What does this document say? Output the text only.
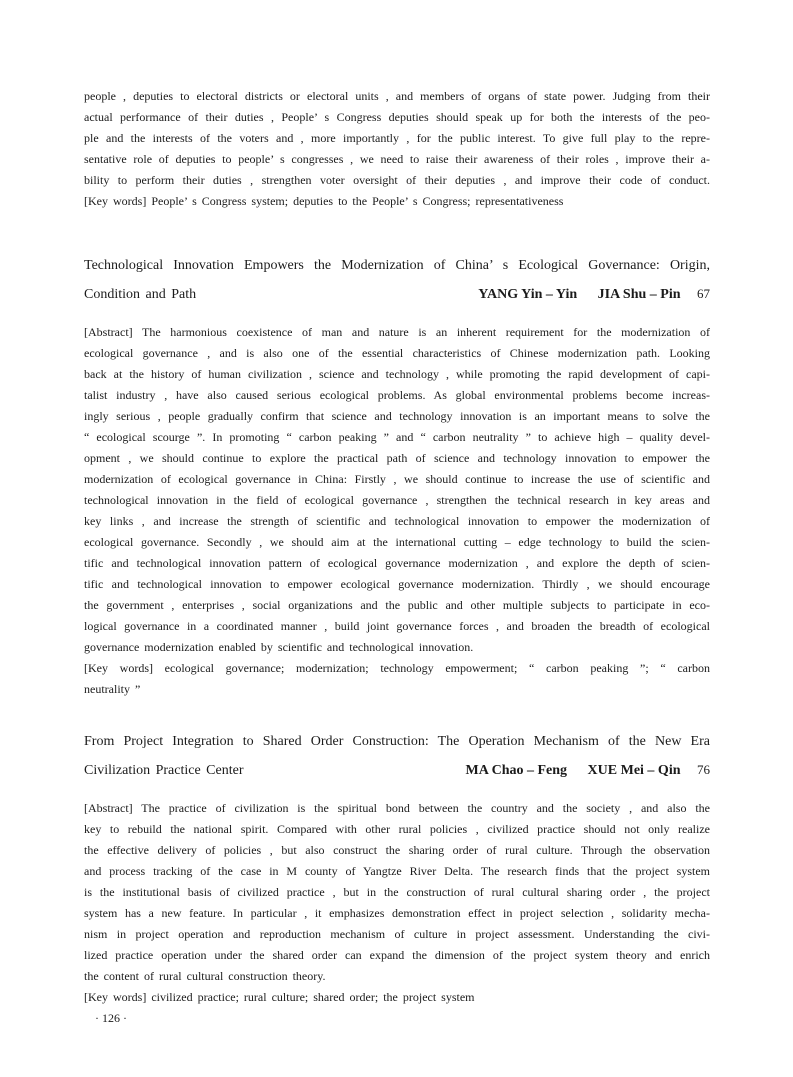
people , deputies to electoral districts or electoral units , and members of organs of state power. Judging from their
actual performance of their duties , People’ s Congress deputies should speak up for both the interests of the peo-
ple and the interests of the voters and , more importantly , for the public interest. To give full play to the repre-
sentative role of deputies to people’ s congresses , we need to raise their awareness of their roles , improve their a-
bility to perform their duties , strengthen voter oversight of their deputies , and improve their code of conduct.
[Key words] People’ s Congress system; deputies to the People’ s Congress; representativeness
Technological Innovation Empowers the Modernization of China’ s Ecological Governance: Origin,
Condition and Path	YANG Yin – Yin JIA Shu – Pin 67
[Abstract] The harmonious coexistence of man and nature is an inherent requirement for the modernization of
ecological governance , and is also one of the essential characteristics of Chinese modernization path. Looking
back at the history of human civilization , science and technology , while promoting the rapid development of capi-
talist industry , have also caused serious ecological problems. As global environmental problems become increas-
ingly serious , people gradually confirm that science and technology innovation is an important means to solve the
“ ecological scourge ”. In promoting “ carbon peaking ” and “ carbon neutrality ” to achieve high – quality devel-
opment , we should continue to explore the practical path of science and technology innovation to empower the
modernization of ecological governance in China: Firstly , we should continue to increase the use of scientific and
technological innovation in the field of ecological governance , strengthen the technical research in key areas and
key links , and increase the strength of scientific and technological innovation to empower the modernization of
ecological governance. Secondly , we should aim at the international cutting – edge technology to build the scien-
tific and technological innovation pattern of ecological governance modernization , and explore the depth of scien-
tific and technological innovation to empower ecological governance modernization. Thirdly , we should encourage
the government , enterprises , social organizations and the public and other multiple subjects to participate in eco-
logical governance in a coordinated manner , build joint governance forces , and broaden the breadth of ecological
governance modernization enabled by scientific and technological innovation.
[Key words] ecological governance; modernization; technology empowerment; “ carbon peaking ”; “ carbon
neutrality ”
From Project Integration to Shared Order Construction: The Operation Mechanism of the New Era
Civilization Practice Center	MA Chao – Feng XUE Mei – Qin 76
[Abstract] The practice of civilization is the spiritual bond between the country and the society , and also the
key to rebuild the national spirit. Compared with other rural policies , civilized practice should not only realize
the effective delivery of policies , but also construct the sharing order of rural culture. Through the observation
and process tracking of the case in M county of Yangtze River Delta. The research finds that the project system
is the institutional basis of civilized practice , but in the construction of rural cultural sharing order , the project
system has a new feature. In particular , it emphasizes demonstration effect in project selection , solidarity mecha-
nism in project operation and reproduction mechanism of culture in project assessment. Understanding the civi-
lized practice operation under the shared order can expand the dimension of the project system theory and enrich
the content of rural cultural construction theory.
[Key words] civilized practice; rural culture; shared order; the project system
· 126 ·
